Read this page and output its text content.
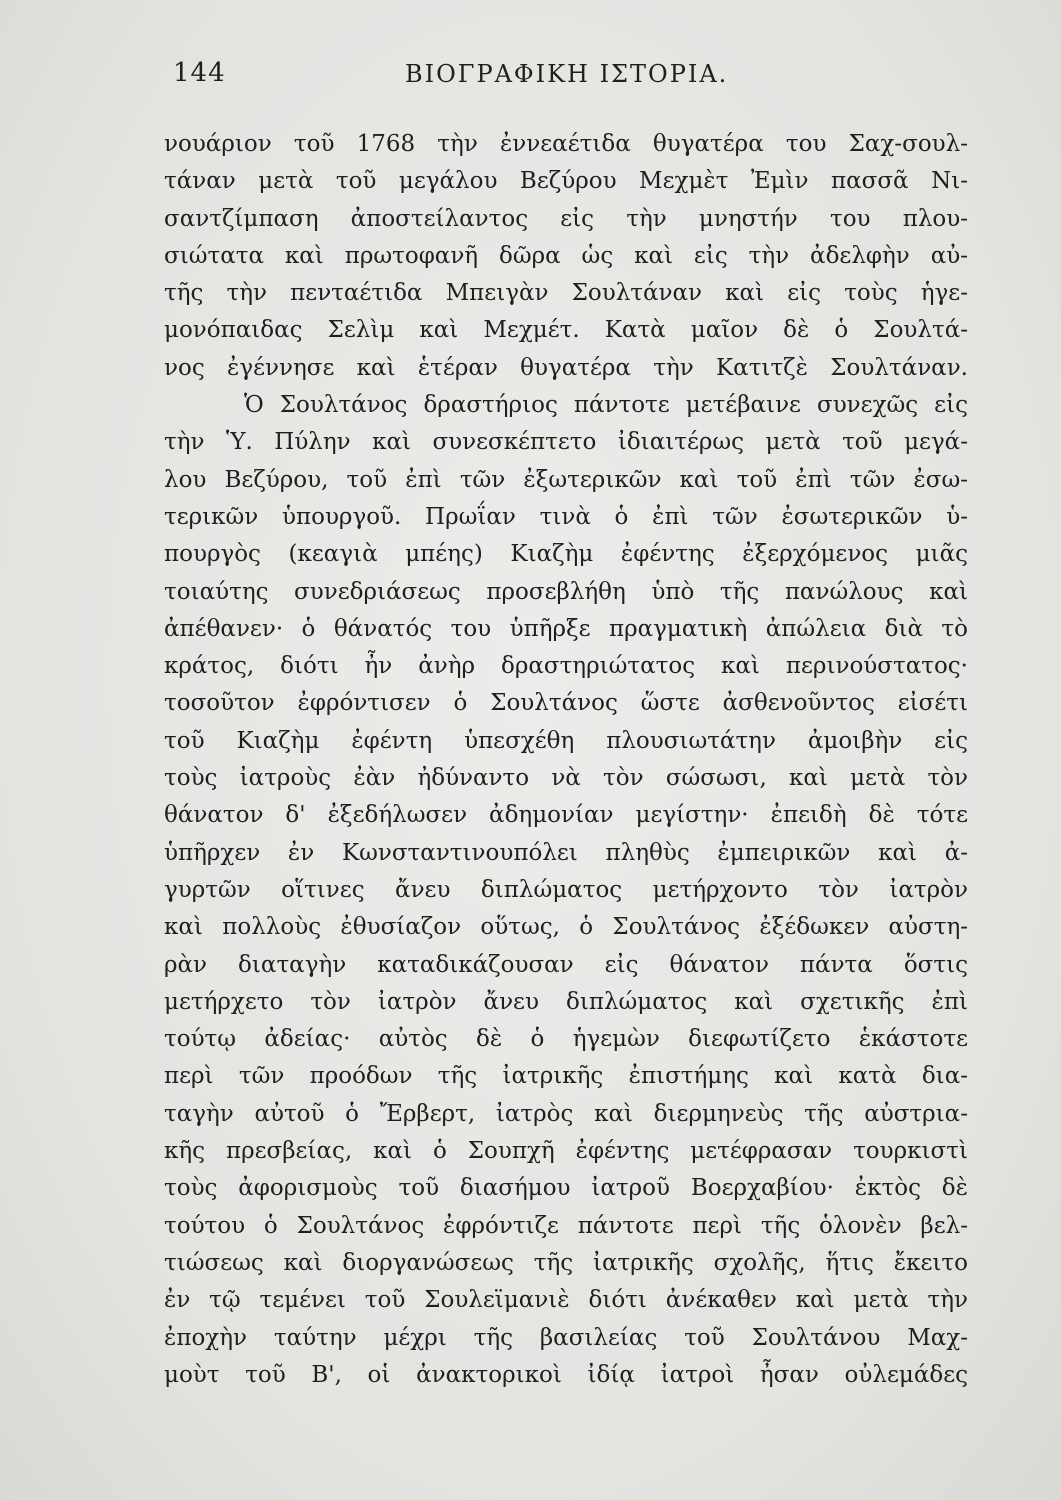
144	ΒΙΟΓΡΑΦΙΚΗ ΙΣΤΟΡΙΑ.
νουάριον τοῦ 1768 τὴν ἐννεαέτιδα θυγατέρα του Σαχ-σουλ-
τάναν μετὰ τοῦ μεγάλου Βεζύρου Μεχμὲτ Ἐμὶν πασσᾶ Νι-
σαντζίμπαση ἀποστείλαντος εἰς τὴν μνηστήν του πλου-
σιώτατα καὶ πρωτοφανῆ δῶρα ὡς καὶ εἰς τὴν ἀδελφὴν αὐ-
τῆς τὴν πενταέτιδα Μπειγὰν Σουλτάναν καὶ εἰς τοὺς ἡγε-
μονόπαιδας Σελὶμ καὶ Μεχμέτ. Κατὰ μαῖον δὲ ὁ Σουλτά-
νος ἐγέννησε καὶ ἑτέραν θυγατέρα τὴν Κατιτζὲ Σουλτάναν.
Ὁ Σουλτάνος δραστήριος πάντοτε μετέβαινε συνεχῶς εἰς
τὴν Ὑ. Πύλην καὶ συνεσκέπτετο ἰδιαιτέρως μετὰ τοῦ μεγά-
λου Βεζύρου, τοῦ ἐπὶ τῶν ἐξωτερικῶν καὶ τοῦ ἐπὶ τῶν ἐσω-
τερικῶν ὑπουργοῦ. Πρωΐαν τινὰ ὁ ἐπὶ τῶν ἐσωτερικῶν ὑ-
πουργὸς (κεαγιὰ μπέης) Κιαζὴμ ἐφέντης ἐξερχόμενος μιᾶς
τοιαύτης συνεδριάσεως προσεβλήθη ὑπὸ τῆς πανώλους καὶ
ἀπέθανεν· ὁ θάνατός του ὑπῆρξε πραγματικὴ ἀπώλεια διὰ τὸ
κράτος, διότι ἦν ἀνὴρ δραστηριώτατος καὶ περινούστατος·
τοσοῦτον ἐφρόντισεν ὁ Σουλτάνος ὥστε ἀσθενοῦντος εἰσέτι
τοῦ Κιαζὴμ ἐφέντη ὑπεσχέθη πλουσιωτάτην ἀμοιβὴν εἰς
τοὺς ἰατροὺς ἐὰν ἠδύναντο νὰ τὸν σώσωσι, καὶ μετὰ τὸν
θάνατον δ' ἐξεδήλωσεν ἀδημονίαν μεγίστην· ἐπειδὴ δὲ τότε
ὑπῆρχεν ἐν Κωνσταντινουπόλει πληθὺς ἐμπειρικῶν καὶ ἀ-
γυρτῶν οἵτινες ἄνευ διπλώματος μετήρχοντο τὸν ἰατρὸν
καὶ πολλοὺς ἐθυσίαζον οὕτως, ὁ Σουλτάνος ἐξέδωκεν αὐστη-
ρὰν διαταγὴν καταδικάζουσαν εἰς θάνατον πάντα ὅστις
μετήρχετο τὸν ἰατρὸν ἄνευ διπλώματος καὶ σχετικῆς ἐπὶ
τούτῳ ἀδείας· αὐτὸς δὲ ὁ ἡγεμὼν διεφωτίζετο ἑκάστοτε
περὶ τῶν προόδων τῆς ἰατρικῆς ἐπιστήμης καὶ κατὰ δια-
ταγὴν αὐτοῦ ὁ Ἔρβερτ, ἰατρὸς καὶ διερμηνεὺς τῆς αὐστρια-
κῆς πρεσβείας, καὶ ὁ Σουπχῆ ἐφέντης μετέφρασαν τουρκιστὶ
τοὺς ἀφορισμοὺς τοῦ διασήμου ἰατροῦ Βοερχαβίου· ἐκτὸς δὲ
τούτου ὁ Σουλτάνος ἐφρόντιζε πάντοτε περὶ τῆς ὁλονὲν βελ-
τιώσεως καὶ διοργανώσεως τῆς ἰατρικῆς σχολῆς, ἥτις ἔκειτο
ἐν τῷ τεμένει τοῦ Σουλεϊμανιὲ διότι ἀνέκαθεν καὶ μετὰ τὴν
ἐποχὴν ταύτην μέχρι τῆς βασιλείας τοῦ Σουλτάνου Μαχ-
μοὺτ τοῦ Β', οἱ ἀνακτορικοὶ ἰδίᾳ ἰατροὶ ἦσαν οὐλεμάδες
